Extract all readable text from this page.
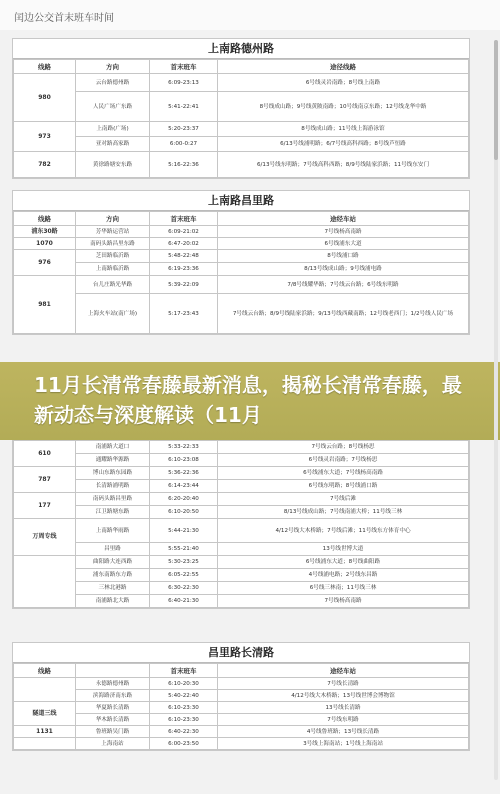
闰边公交首末班车时间
上南路德州路
线路	方向	首末班车	途径线路
980	云台路德州路	6:09-23:13	6号线灵岩南路；8号线上南路
	人民广场广东路	5:41-22:41	8号线成山路；9号线黄陂南路；10号线南京东路；12号线龙华中路
973	上南路(广场)	5:20-23:37	8号线成山路；11号线上海游泳馆
	亚对路高家路	6:00-0:27	6/13号线浦明路；6/7号线高科西路；8号线芦恒路
782	黄徐路塘安东路	5:16-22:36	6/13号线东明路；7号线高科西路；8/9号线陆家浜路；11号线东安门
上南路昌里路
线路	方向	首末班车	途经车站
浦东30路	芳华路运营站	6:09-21:02	7号线杨高南路
1070	南码头路昌里东路	6:47-20:02	6号线浦东大道
976	芝田路临沂路	5:48-22:48	8号线浦口路
	上南路临沂路	6:19-23:36	8/13号线成山路；9号线浦电路
981	台儿庄路光华路	5:39-22:09	7/8号线耀华路；7号线云台路；6号线东明路
	上海火车站(南广场)	5:17-23:43	7号线云台路；8/9号线陆家浜路；9/13号线西藏南路；12号线老西门；1/2号线人民广场
610	南浦路大道口	5:33-22:33	7号线云台路；8号线杨思
	通耀路华源路	6:10-23:08	6号线灵岩南路；7号线杨思
787	博山东路东园路	5:36-22:36	6号线浦东大道；7号线杨高南路
	长清路浦明路	6:14-23:44	6号线东明路；8号线浦口路
177	南码头路昌里路	6:20-20:40	7号线后滩
	江卫路塘东路	6:10-20:50	8/13号线成山路；7号线南浦大桥；11号线三林
万周专线	上南路华雨路	5:44-21:30	4/12号线大木桥路；7号线后滩；11号线东方体育中心
	昌里路	5:55-21:40	13号线世博大道
	曲阳路大连西路	5:30-23:25	6号线浦东大道；8号线曲阳路
	浦东南路东方路	6:05-22:55	4号线浦电路；2号线东昌路
	三林北港路	6:30-22:30	6号线三林南；11号线三林
	南浦路北大路	6:40-21:30	7号线杨高南路
昌里路长清路
线路		首末班车	途经车站
	永德路德州路	6:10-20:30	7号线长清路
	滨海路济南东路	5:40-22:40	4/12号线大木桥路；13号线世博会博物馆
隧道三线	华夏路长清路	6:10-23:30	13号线长清路
	华木路长清路	6:10-23:30	7号线东明路
1131	鲁班路吴门路	6:40-22:30	4号线鲁班路；13号线长清路
	上海南站	6:00-23:50	3号线上海南站；1号线上海南站
11月长清常春藤最新消息，揭秘长清常春藤，最新动态与深度解读（11月
